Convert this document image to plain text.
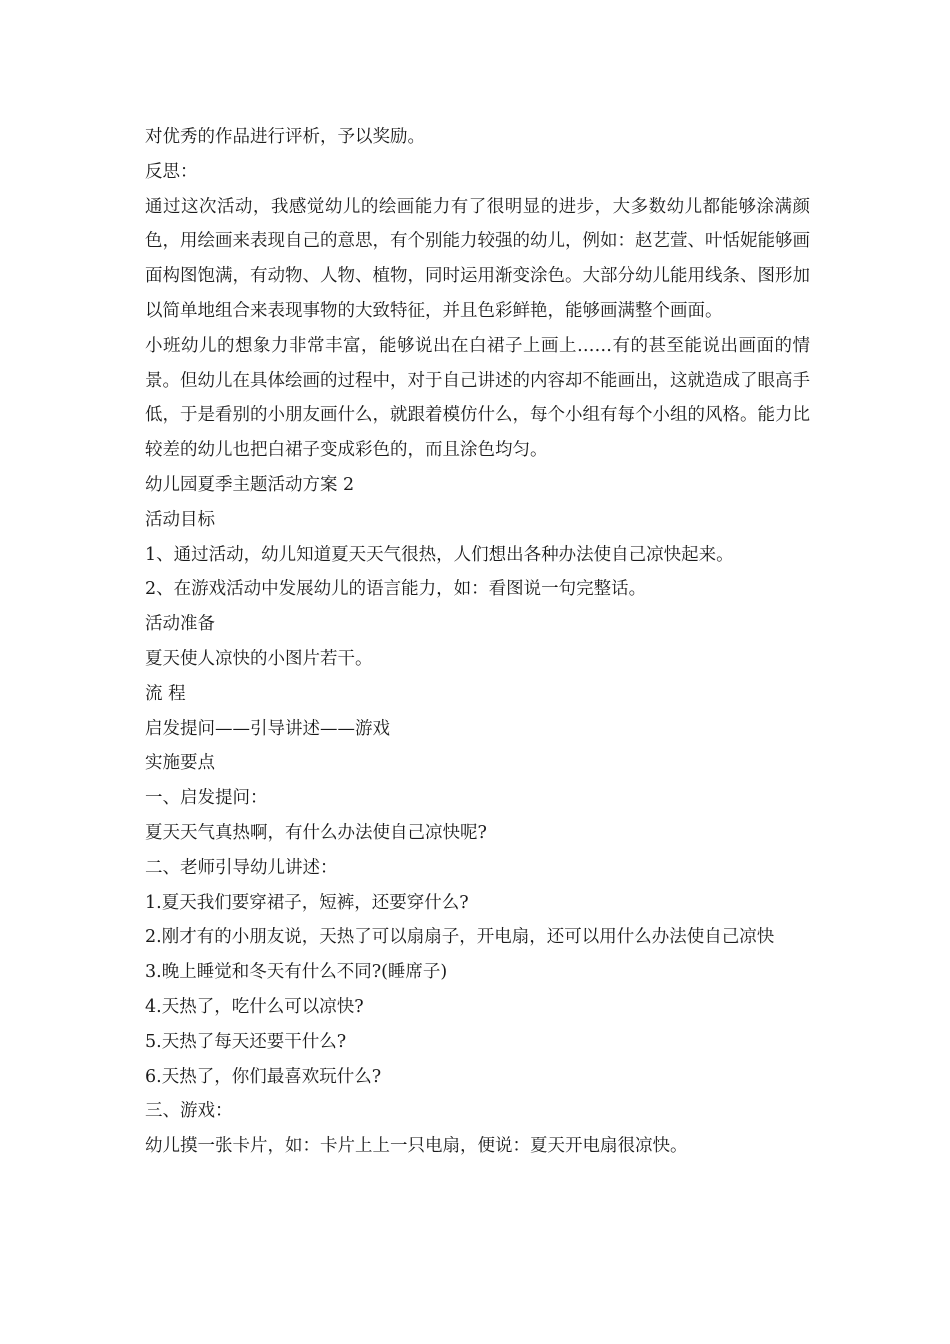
对优秀的作品进行评析，予以奖励。
反思：
通过这次活动，我感觉幼儿的绘画能力有了很明显的进步，大多数幼儿都能够涂满颜色，用绘画来表现自己的意思，有个别能力较强的幼儿，例如：赵艺萱、叶恬妮能够画面构图饱满，有动物、人物、植物，同时运用渐变涂色。大部分幼儿能用线条、图形加以简单地组合来表现事物的大致特征，并且色彩鲜艳，能够画满整个画面。
小班幼儿的想象力非常丰富，能够说出在白裙子上画上……有的甚至能说出画面的情景。但幼儿在具体绘画的过程中，对于自己讲述的内容却不能画出，这就造成了眼高手低，于是看别的小朋友画什么，就跟着模仿什么，每个小组有每个小组的风格。能力比较差的幼儿也把白裙子变成彩色的，而且涂色均匀。
幼儿园夏季主题活动方案 2
活动目标
1、通过活动，幼儿知道夏天天气很热，人们想出各种办法使自己凉快起来。
2、在游戏活动中发展幼儿的语言能力，如：看图说一句完整话。
活动准备
夏天使人凉快的小图片若干。
流 程
启发提问——引导讲述——游戏
实施要点
一、启发提问：
夏天天气真热啊，有什么办法使自己凉快呢?
二、老师引导幼儿讲述：
1.夏天我们要穿裙子，短裤，还要穿什么?
2.刚才有的小朋友说，天热了可以扇扇子，开电扇，还可以用什么办法使自己凉快
3.晚上睡觉和冬天有什么不同?(睡席子)
4.天热了，吃什么可以凉快?
5.天热了每天还要干什么?
6.天热了，你们最喜欢玩什么?
三、游戏：
幼儿摸一张卡片，如：卡片上上一只电扇，便说：夏天开电扇很凉快。
